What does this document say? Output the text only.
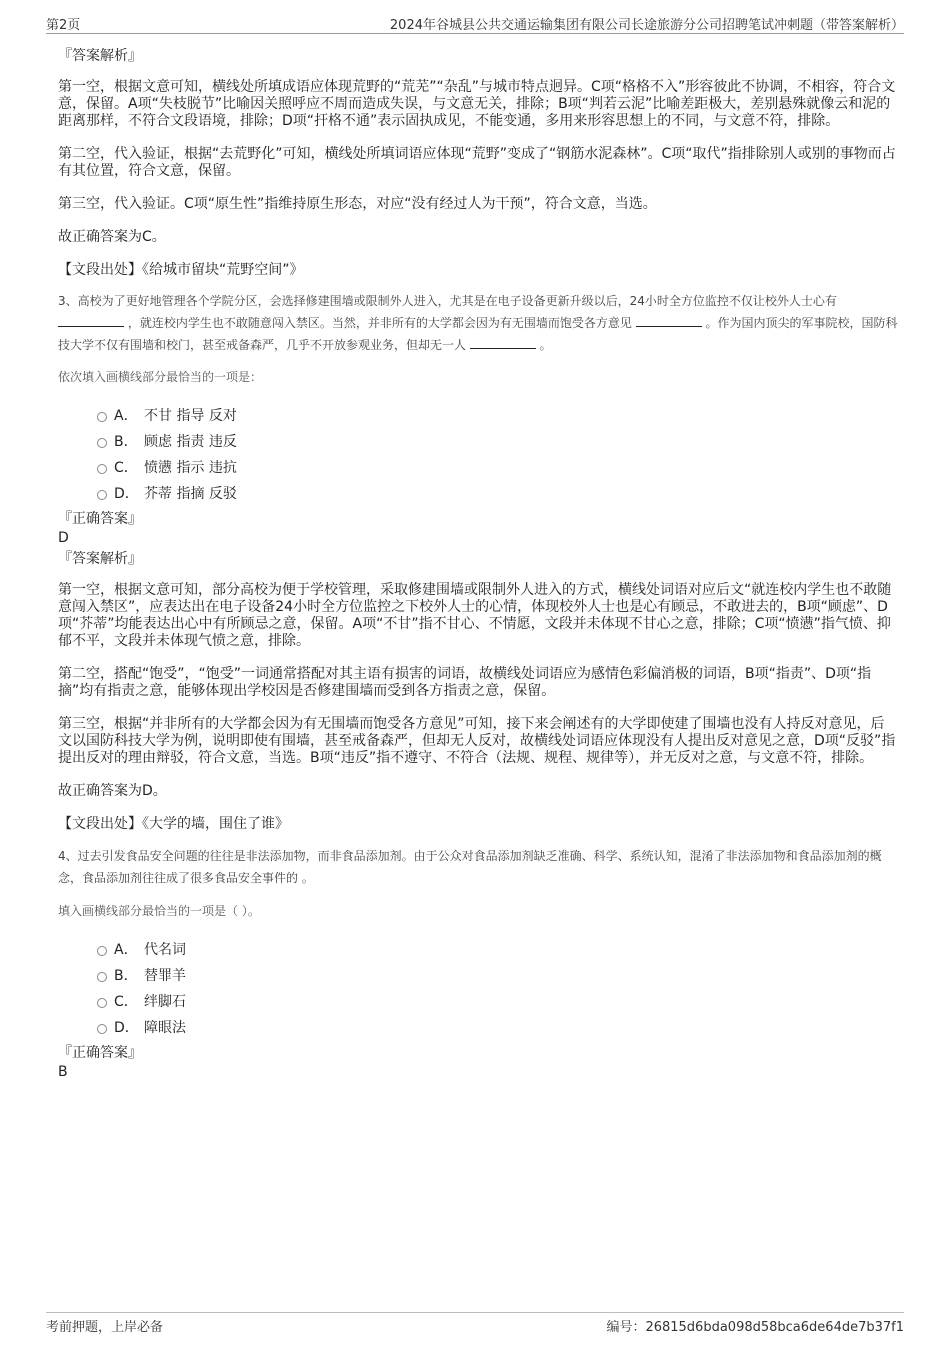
第2页	2024年谷城县公共交通运输集团有限公司长途旅游分公司招聘笔试冲刺题（带答案解析）

『答案解析』

第一空，根据文意可知，横线处所填成语应体现荒野的“荒芜”“杂乱”与城市特点迥异。C项“格格不入”形容彼此不协调，不相容，符合文意，保留。A项“失枝脱节”比喻因关照呼应不周而造成失误，与文意无关，排除；B项“判若云泥”比喻差距极大，差别悬殊就像云和泥的距离那样，不符合文段语境，排除；D项“扞格不通”表示固执成见，不能变通，多用来形容思想上的不同，与文意不符，排除。

第二空，代入验证，根据“去荒野化”可知，横线处所填词语应体现“荒野”变成了“钢筋水泥森林”。C项“取代”指排除别人或别的事物而占有其位置，符合文意，保留。

第三空，代入验证。C项“原生性”指维持原生形态，对应“没有经过人为干预”，符合文意，当选。

故正确答案为C。

【文段出处】《给城市留块“荒野空间”》

3、高校为了更好地管理各个学院分区，会选择修建围墙或限制外人进入，尤其是在电子设备更新升级以后，24小时全方位监控不仅让校外人士心有  ，就连校内学生也不敢随意闯入禁区。当然，并非所有的大学都会因为有无围墙而饱受各方意见	。作为国内顶尖的军事院校，国防科技大学不仅有围墙和校门，甚至戒备森严，几乎不开放参观业务，但却无一人	。

依次填入画横线部分最恰当的一项是：

A． 不甘 指导 反对
B． 顾虑 指责 违反
C． 愤懑 指示 违抗
D． 芥蒂 指摘 反驳

『正确答案』

D

『答案解析』

第一空，根据文意可知，部分高校为便于学校管理，采取修建围墙或限制外人进入的方式，横线处词语对应后文“就连校内学生也不敢随意闯入禁区”，应表达出在电子设备24小时全方位监控之下校外人士的心情，体现校外人士也是心有顾忌，不敢进去的，B项“顾虑”、D项“芥蒂”均能表达出心中有所顾忌之意，保留。A项“不甘”指不甘心、不情愿，文段并未体现不甘心之意，排除；C项“愤懑”指气愤、抑郁不平，文段并未体现气愤之意，排除。

第二空，搭配“饱受”，“饱受”一词通常搭配对其主语有损害的词语，故横线处词语应为感情色彩偏消极的词语，B项“指责”、D项“指摘”均有指责之意，能够体现出学校因是否修建围墙而受到各方指责之意，保留。

第三空，根据“并非所有的大学都会因为有无围墙而饱受各方意见”可知，接下来会阐述有的大学即使建了围墙也没有人持反对意见，后文以国防科技大学为例，说明即使有围墙，甚至戒备森严，但却无人反对，故横线处词语应体现没有人提出反对意见之意，D项“反驳”指提出反对的理由辩驳，符合文意，当选。B项“违反”指不遵守、不符合（法规、规程、规律等），并无反对之意，与文意不符，排除。

故正确答案为D。

【文段出处】《大学的墙，围住了谁》

4、过去引发食品安全问题的往往是非法添加物，而非食品添加剂。由于公众对食品添加剂缺乏准确、科学、系统认知，混淆了非法添加物和食品添加剂的概念，食品添加剂往往成了很多食品安全事件的 。

填入画横线部分最恰当的一项是（ ）。

A． 代名词
B． 替罪羊
C． 绊脚石
D． 障眼法

『正确答案』

B

考前押题，上岸必备	编号：26815d6bda098d58bca6de64de7b37f1
